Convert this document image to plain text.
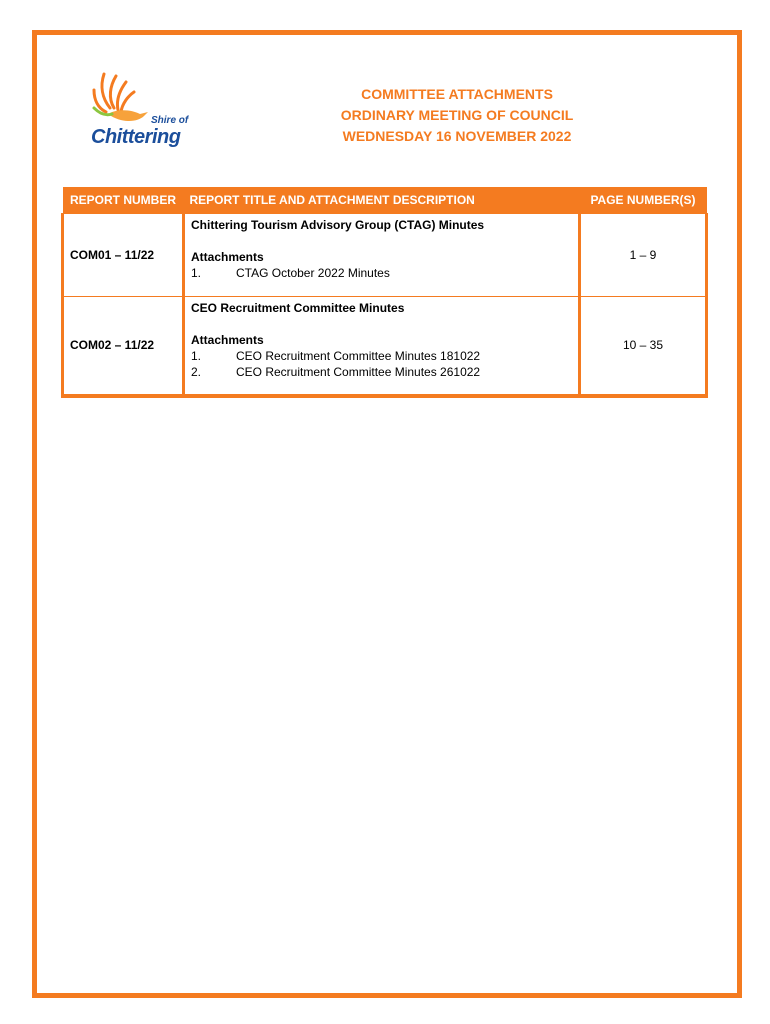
Shire of
Chittering
COMMITTEE ATTACHMENTS
ORDINARY MEETING OF COUNCIL
WEDNESDAY 16 NOVEMBER 2022
REPORT NUMBER	REPORT TITLE AND ATTACHMENT DESCRIPTION	PAGE NUMBER(S)
COM01 – 11/22	Chittering Tourism Advisory Group (CTAG) Minutes
Attachments
1. CTAG October 2022 Minutes	1 – 9
COM02 – 11/22	CEO Recruitment Committee Minutes
Attachments
1. CEO Recruitment Committee Minutes 181022
2. CEO Recruitment Committee Minutes 261022	10 – 35
